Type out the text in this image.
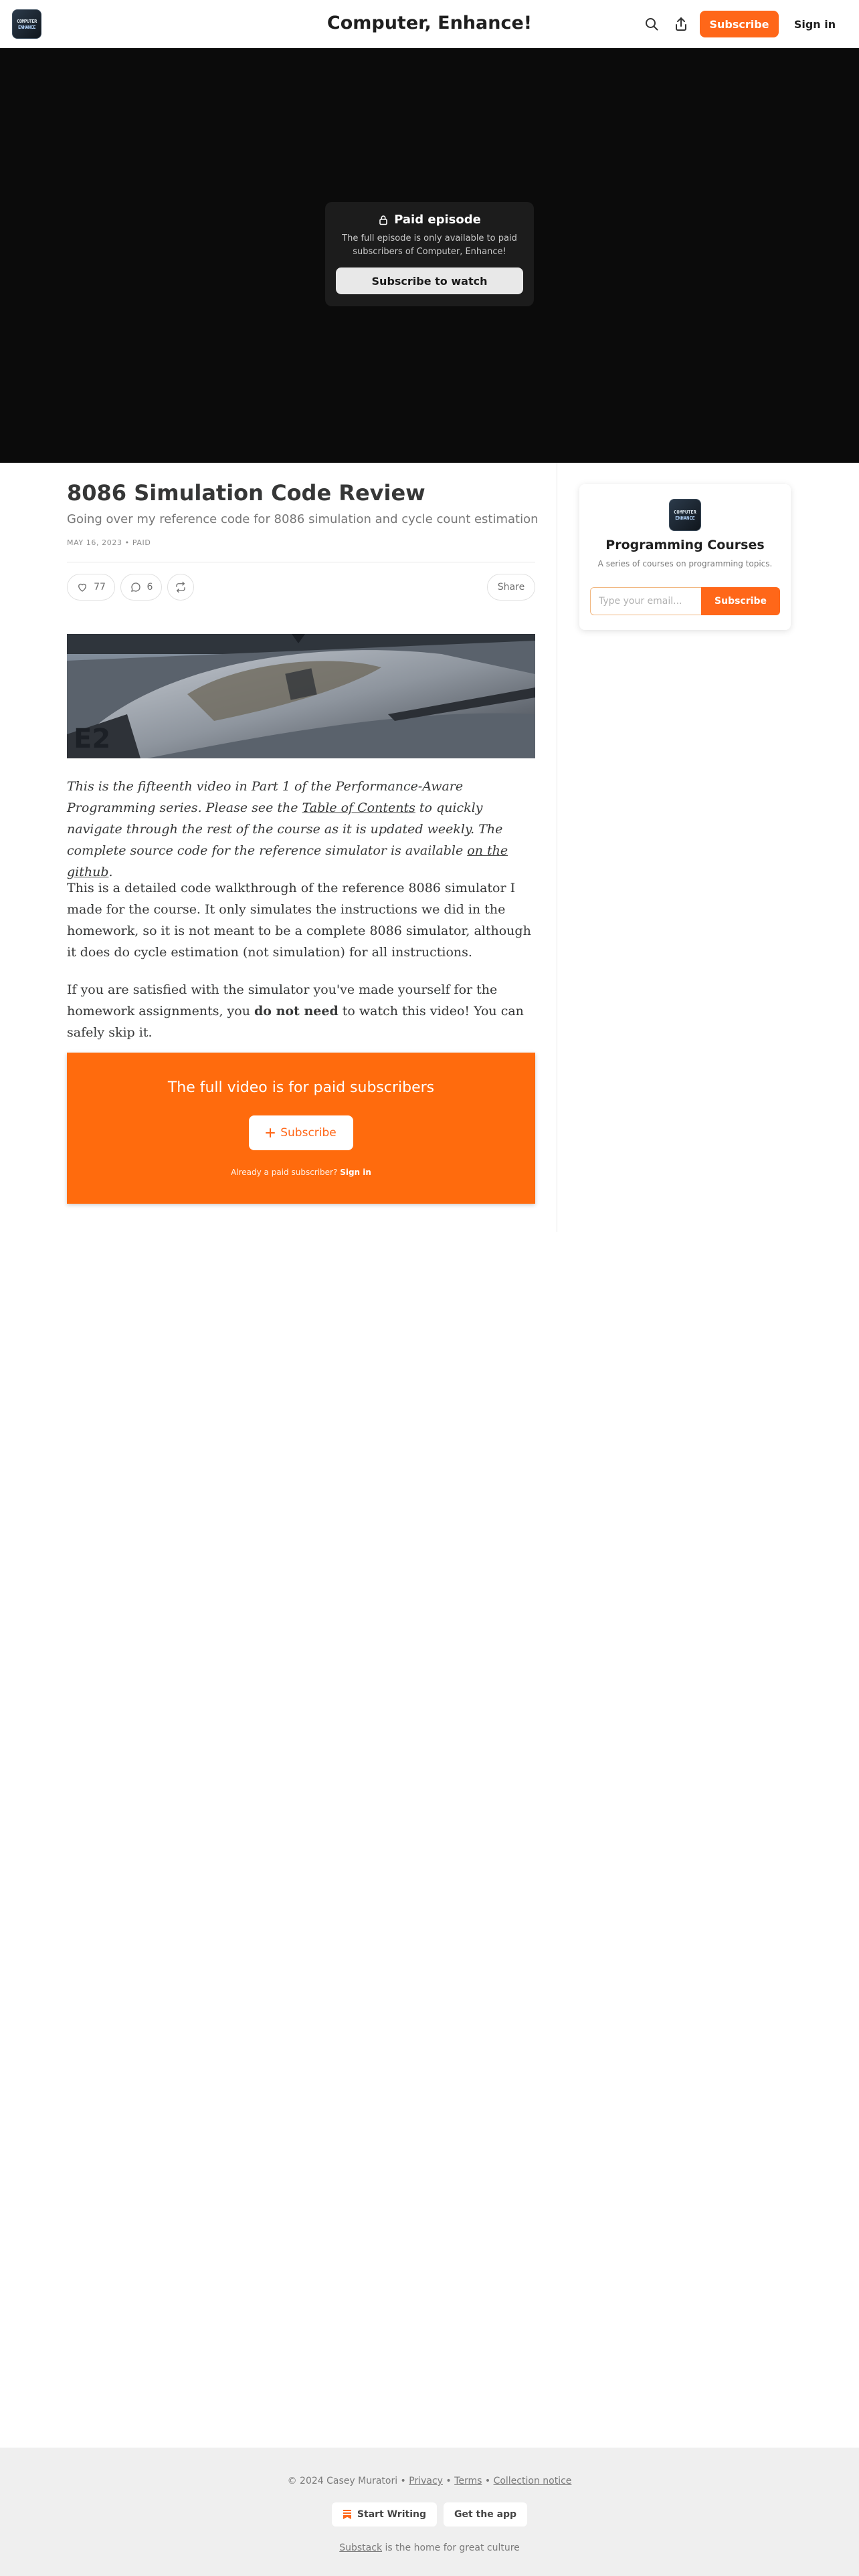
COMPUTER
ENHANCE	Computer, Enhance!	Subscribe	Sign in
Paid episode
The full episode is only available to paid subscribers of Computer, Enhance!
Subscribe to watch
8086 Simulation Code Review
Going over my reference code for 8086 simulation and cycle count estimation
MAY 16, 2023 • PAID
77	6	Share
E2

This is the fifteenth video in Part 1 of the Performance-Aware Programming series. Please see the Table of Contents to quickly navigate through the rest of the course as it is updated weekly. The complete source code for the reference simulator is available on the github.

This is a detailed code walkthrough of the reference 8086 simulator I made for the course. It only simulates the instructions we did in the homework, so it is not meant to be a complete 8086 simulator, although it does do cycle estimation (not simulation) for all instructions.

If you are satisfied with the simulator you've made yourself for the homework assignments, you do not need to watch this video! You can safely skip it.

The full video is for paid subscribers
Subscribe
Already a paid subscriber? Sign in
COMPUTER
ENHANCE
Programming Courses
A series of courses on programming topics.
Type your email...
Subscribe
© 2024 Casey Muratori • Privacy • Terms • Collection notice
Start Writing	Get the app
Substack is the home for great culture
